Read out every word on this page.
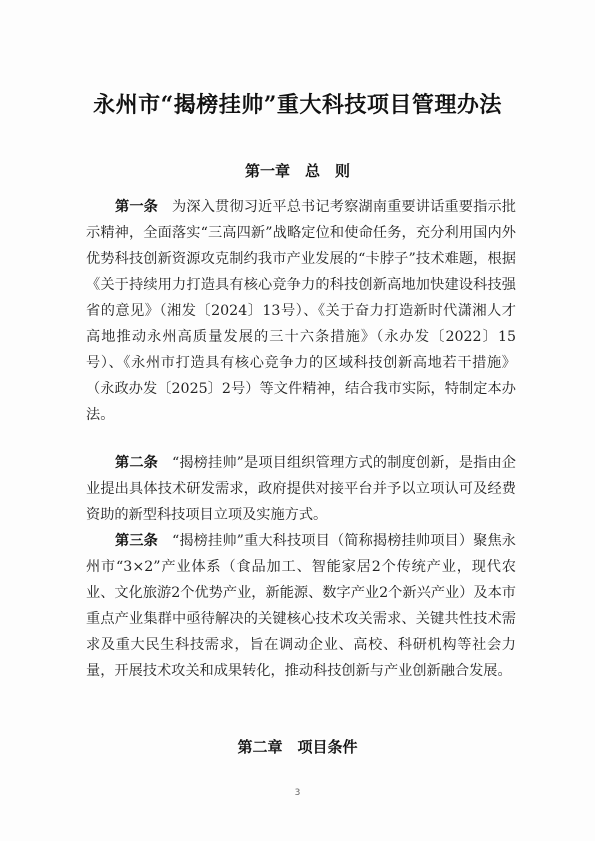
永州市“揭榜挂帅”重大科技项目管理办法
第一章　总　则

第一条 为深入贯彻习近平总书记考察湖南重要讲话重要指示批示精神，全面落实“三高四新”战略定位和使命任务，充分利用国内外优势科技创新资源攻克制约我市产业发展的“卡脖子”技术难题，根据《关于持续用力打造具有核心竞争力的科技创新高地加快建设科技强省的意见》（湘发〔2024〕13号）、《关于奋力打造新时代潇湘人才高地推动永州高质量发展的三十六条措施》（永办发〔2022〕15号）、《永州市打造具有核心竞争力的区域科技创新高地若干措施》（永政办发〔2025〕2号）等文件精神，结合我市实际，特制定本办法。

第二条 “揭榜挂帅”是项目组织管理方式的制度创新，是指由企业提出具体技术研发需求，政府提供对接平台并予以立项认可及经费资助的新型科技项目立项及实施方式。

第三条 “揭榜挂帅”重大科技项目（简称揭榜挂帅项目）聚焦永州市“3×2”产业体系（食品加工、智能家居2个传统产业，现代农业、文化旅游2个优势产业，新能源、数字产业2个新兴产业）及本市重点产业集群中亟待解决的关键核心技术攻关需求、关键共性技术需求及重大民生科技需求，旨在调动企业、高校、科研机构等社会力量，开展技术攻关和成果转化，推动科技创新与产业创新融合发展。

第二章　项目条件
3
